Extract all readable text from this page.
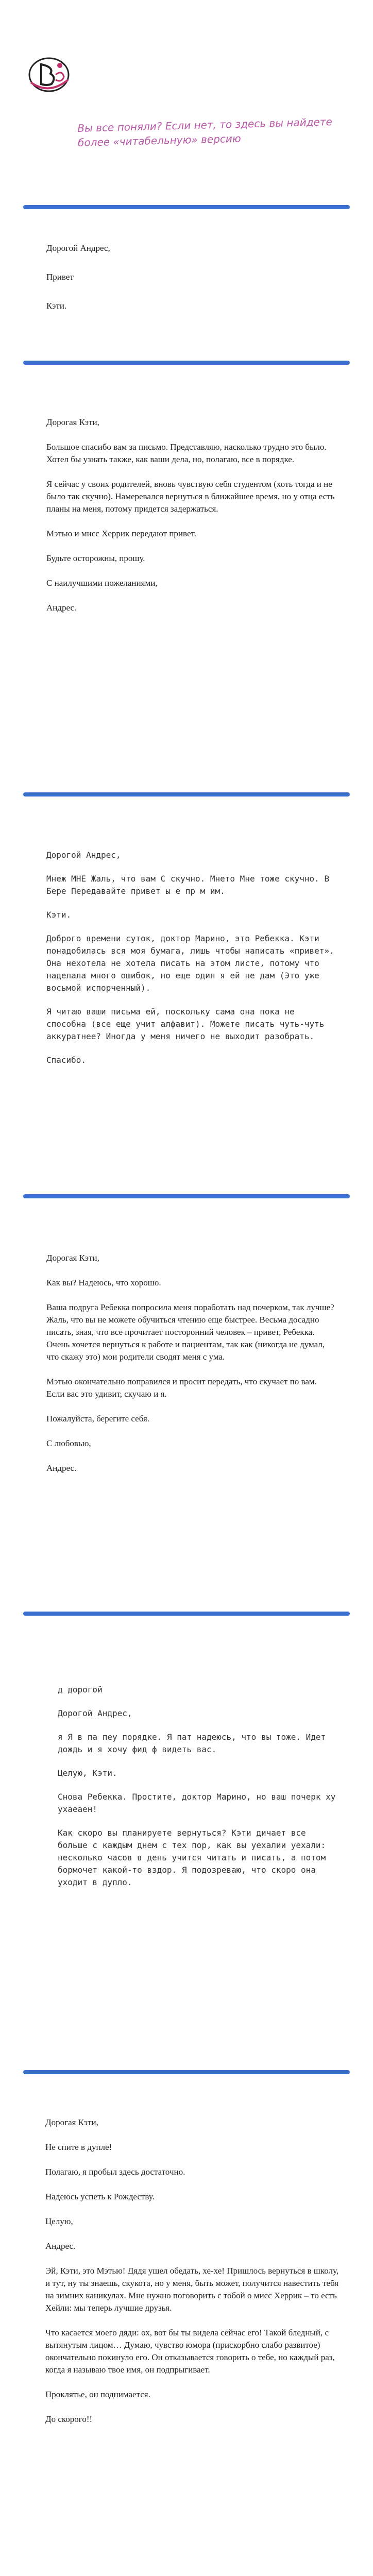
Вы все поняли? Если нет, то здесь вы найдете более «читабельную» версию

Дорогой Андрес,

Привет

Кэти.

Дорогая Кэти,

Большое спасибо вам за письмо. Представляю, насколько трудно это было. Хотел бы узнать также, как ваши дела, но, полагаю, все в порядке.

Я сейчас у своих родителей, вновь чувствую себя студентом (хоть тогда и не было так скучно). Намеревался вернуться в ближайшее время, но у отца есть планы на меня, потому придется задержаться.

Мэтью и мисс Херрик передают привет.

Будьте осторожны, прошу.

С наилучшими пожеланиями,

Андрес.

Дорогой Андрес,

Мнеж МНЕ Жаль, что вам С скучно. Мнето Мне тоже скучно. В Бере Передавайте привет ы е пр м им.

Кэти.

Доброго времени суток, доктор Марино, это Ребекка. Кэти понадобилась вся моя бумага, лишь чтобы написать «привет». Она нехотела не хотела писать на этом листе, потому что наделала много ошибок, но еще один я ей не дам (Это уже восьмой испорченный).

Я читаю ваши письма ей, поскольку сама она пока не способна (все еще учит алфавит). Можете писать чуть-чуть аккуратнее? Иногда у меня ничего не выходит разобрать.

Спасибо.

Дорогая Кэти,

Как вы? Надеюсь, что хорошо.

Ваша подруга Ребекка попросила меня поработать над почерком, так лучше? Жаль, что вы не можете обучиться чтению еще быстрее. Весьма досадно писать, зная, что все прочитает посторонний человек – привет, Ребекка. Очень хочется вернуться к работе и пациентам, так как (никогда не думал, что скажу это) мои родители сводят меня с ума.

Мэтью окончательно поправился и просит передать, что скучает по вам. Если вас это удивит, скучаю и я.

Пожалуйста, берегите себя.

С любовью,

Андрес.

д дорогой

Дорогой Андрес,

я Я в па пеу порядке. Я пат надеюсь, что вы тоже. Идет дождь и я хочу фид ф видеть вас.

Целую, Кэти.

Снова Ребекка. Простите, доктор Марино, но ваш почерк ху ухаеаен!

Как скоро вы планируете вернуться? Кэти дичает все больше с каждым днем с тех пор, как вы уехалии уехали: несколько часов в день учится читать и писать, а потом бормочет какой-то вздор. Я подозреваю, что скоро она уходит в дупло.

Дорогая Кэти,

Не спите в дупле!

Полагаю, я пробыл здесь достаточно.

Надеюсь успеть к Рождеству.

Целую,

Андрес.

Эй, Кэти, это Мэтью! Дядя ушел обедать, хе-хе! Пришлось вернуться в школу, и тут, ну ты знаешь, скукота, но у меня, быть может, получится навестить тебя на зимних каникулах. Мне нужно поговорить с тобой о мисс Херрик – то есть Хейли: мы теперь лучшие друзья.

Что касается моего дяди: ох, вот бы ты видела сейчас его! Такой бледный, с вытянутым лицом… Думаю, чувство юмора (прискорбно слабо развитое) окончательно покинуло его. Он отказывается говорить о тебе, но каждый раз, когда я называю твое имя, он подпрыгивает.

Проклятье, он поднимается.

До скорого!!
